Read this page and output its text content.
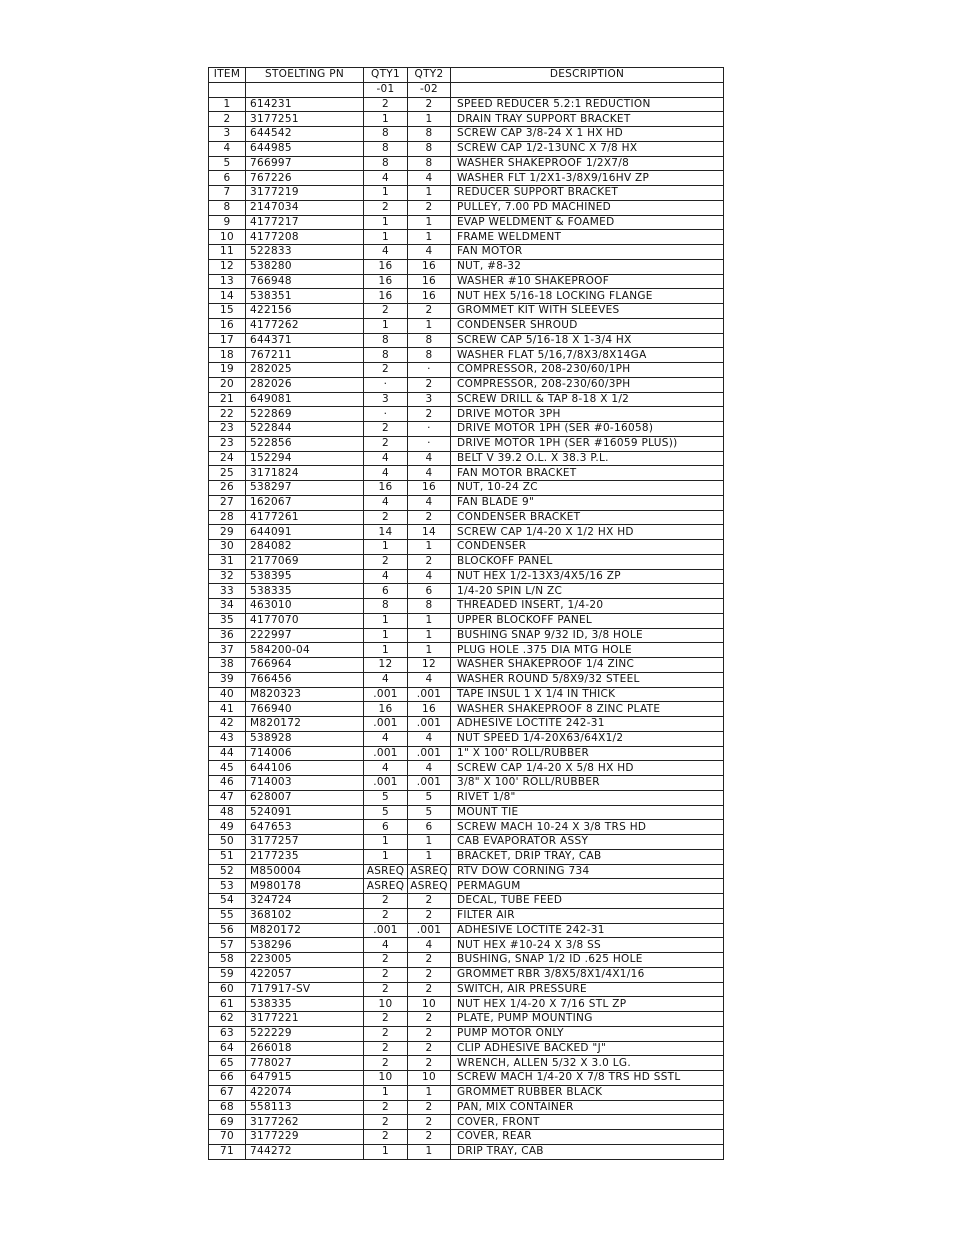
ITEM	STOELTING PN	QTY1	QTY2	DESCRIPTION
		-01	-02	
1	614231	2	2	SPEED REDUCER 5.2:1 REDUCTION
2	3177251	1	1	DRAIN TRAY SUPPORT BRACKET
3	644542	8	8	SCREW CAP 3/8-24 X 1 HX HD
4	644985	8	8	SCREW CAP 1/2-13UNC X 7/8 HX
5	766997	8	8	WASHER SHAKEPROOF 1/2X7/8
6	767226	4	4	WASHER FLT 1/2X1-3/8X9/16HV ZP
7	3177219	1	1	REDUCER SUPPORT BRACKET
8	2147034	2	2	PULLEY, 7.00 PD MACHINED
9	4177217	1	1	EVAP WELDMENT & FOAMED
10	4177208	1	1	FRAME WELDMENT
11	522833	4	4	FAN MOTOR
12	538280	16	16	NUT, #8-32
13	766948	16	16	WASHER #10 SHAKEPROOF
14	538351	16	16	NUT HEX 5/16-18 LOCKING FLANGE
15	422156	2	2	GROMMET KIT WITH SLEEVES
16	4177262	1	1	CONDENSER SHROUD
17	644371	8	8	SCREW CAP 5/16-18 X 1-3/4 HX
18	767211	8	8	WASHER FLAT 5/16,7/8X3/8X14GA
19	282025	2	·	COMPRESSOR, 208-230/60/1PH
20	282026	·	2	COMPRESSOR, 208-230/60/3PH
21	649081	3	3	SCREW DRILL & TAP 8-18 X 1/2
22	522869	·	2	DRIVE MOTOR 3PH
23	522844	2	·	DRIVE MOTOR 1PH (SER #0-16058)
23	522856	2	·	DRIVE MOTOR 1PH (SER #16059 PLUS))
24	152294	4	4	BELT V 39.2 O.L. X 38.3 P.L.
25	3171824	4	4	FAN MOTOR BRACKET
26	538297	16	16	NUT, 10-24 ZC
27	162067	4	4	FAN BLADE 9"
28	4177261	2	2	CONDENSER BRACKET
29	644091	14	14	SCREW CAP 1/4-20 X 1/2 HX HD
30	284082	1	1	CONDENSER
31	2177069	2	2	BLOCKOFF PANEL
32	538395	4	4	NUT HEX 1/2-13X3/4X5/16 ZP
33	538335	6	6	1/4-20 SPIN L/N ZC
34	463010	8	8	THREADED INSERT, 1/4-20
35	4177070	1	1	UPPER BLOCKOFF PANEL
36	222997	1	1	BUSHING SNAP 9/32 ID, 3/8 HOLE
37	584200-04	1	1	PLUG HOLE .375 DIA MTG HOLE
38	766964	12	12	WASHER SHAKEPROOF 1/4 ZINC
39	766456	4	4	WASHER ROUND 5/8X9/32 STEEL
40	M820323	.001	.001	TAPE INSUL 1 X 1/4 IN THICK
41	766940	16	16	WASHER SHAKEPROOF 8 ZINC PLATE
42	M820172	.001	.001	ADHESIVE LOCTITE 242-31
43	538928	4	4	NUT SPEED 1/4-20X63/64X1/2
44	714006	.001	.001	1" X 100' ROLL/RUBBER
45	644106	4	4	SCREW CAP 1/4-20 X 5/8 HX HD
46	714003	.001	.001	3/8" X 100' ROLL/RUBBER
47	628007	5	5	RIVET 1/8"
48	524091	5	5	MOUNT TIE
49	647653	6	6	SCREW MACH 10-24 X 3/8 TRS HD
50	3177257	1	1	CAB EVAPORATOR ASSY
51	2177235	1	1	BRACKET, DRIP TRAY, CAB
52	M850004	ASREQ	ASREQ	RTV DOW CORNING 734
53	M980178	ASREQ	ASREQ	PERMAGUM
54	324724	2	2	DECAL, TUBE FEED
55	368102	2	2	FILTER AIR
56	M820172	.001	.001	ADHESIVE LOCTITE 242-31
57	538296	4	4	NUT HEX #10-24 X 3/8 SS
58	223005	2	2	BUSHING, SNAP 1/2 ID .625 HOLE
59	422057	2	2	GROMMET RBR 3/8X5/8X1/4X1/16
60	717917-SV	2	2	SWITCH, AIR PRESSURE
61	538335	10	10	NUT HEX 1/4-20 X 7/16 STL ZP
62	3177221	2	2	PLATE, PUMP MOUNTING
63	522229	2	2	PUMP MOTOR ONLY
64	266018	2	2	CLIP ADHESIVE BACKED "J"
65	778027	2	2	WRENCH, ALLEN 5/32 X 3.0 LG.
66	647915	10	10	SCREW MACH 1/4-20 X 7/8 TRS HD SSTL
67	422074	1	1	GROMMET RUBBER BLACK
68	558113	2	2	PAN, MIX CONTAINER
69	3177262	2	2	COVER, FRONT
70	3177229	2	2	COVER, REAR
71	744272	1	1	DRIP TRAY, CAB
